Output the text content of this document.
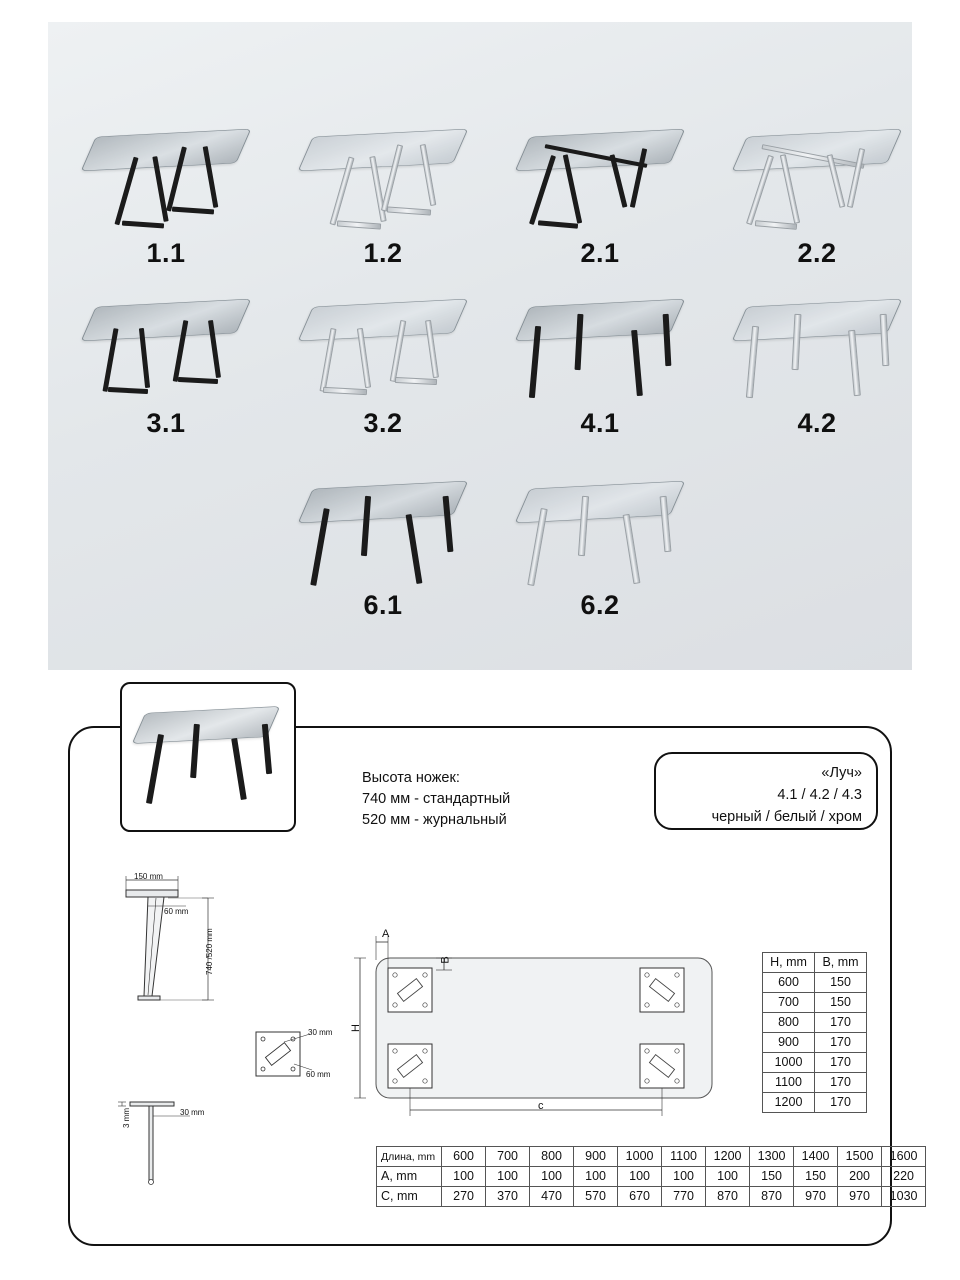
1.1	1.2	2.1	2.2
3.1	3.2	4.1	4.2
6.1	6.2
Высота ножек:
740 мм - стандартный
520 мм - журнальный
«Луч»
4.1 / 4.2 / 4.3
черный / белый / хром
150 mm
60 mm
740 /520 mm
3 mm	30 mm
30 mm
60 mm
A
B
H
c
H, mm	B, mm
600	150
700	150
800	170
900	170
1000	170
1100	170
1200	170
Длина, mm	600	700	800	900	1000	1100	1200	1300	1400	1500	1600
A, mm	100	100	100	100	100	100	100	150	150	200	220
C, mm	270	370	470	570	670	770	870	870	970	970	1030
